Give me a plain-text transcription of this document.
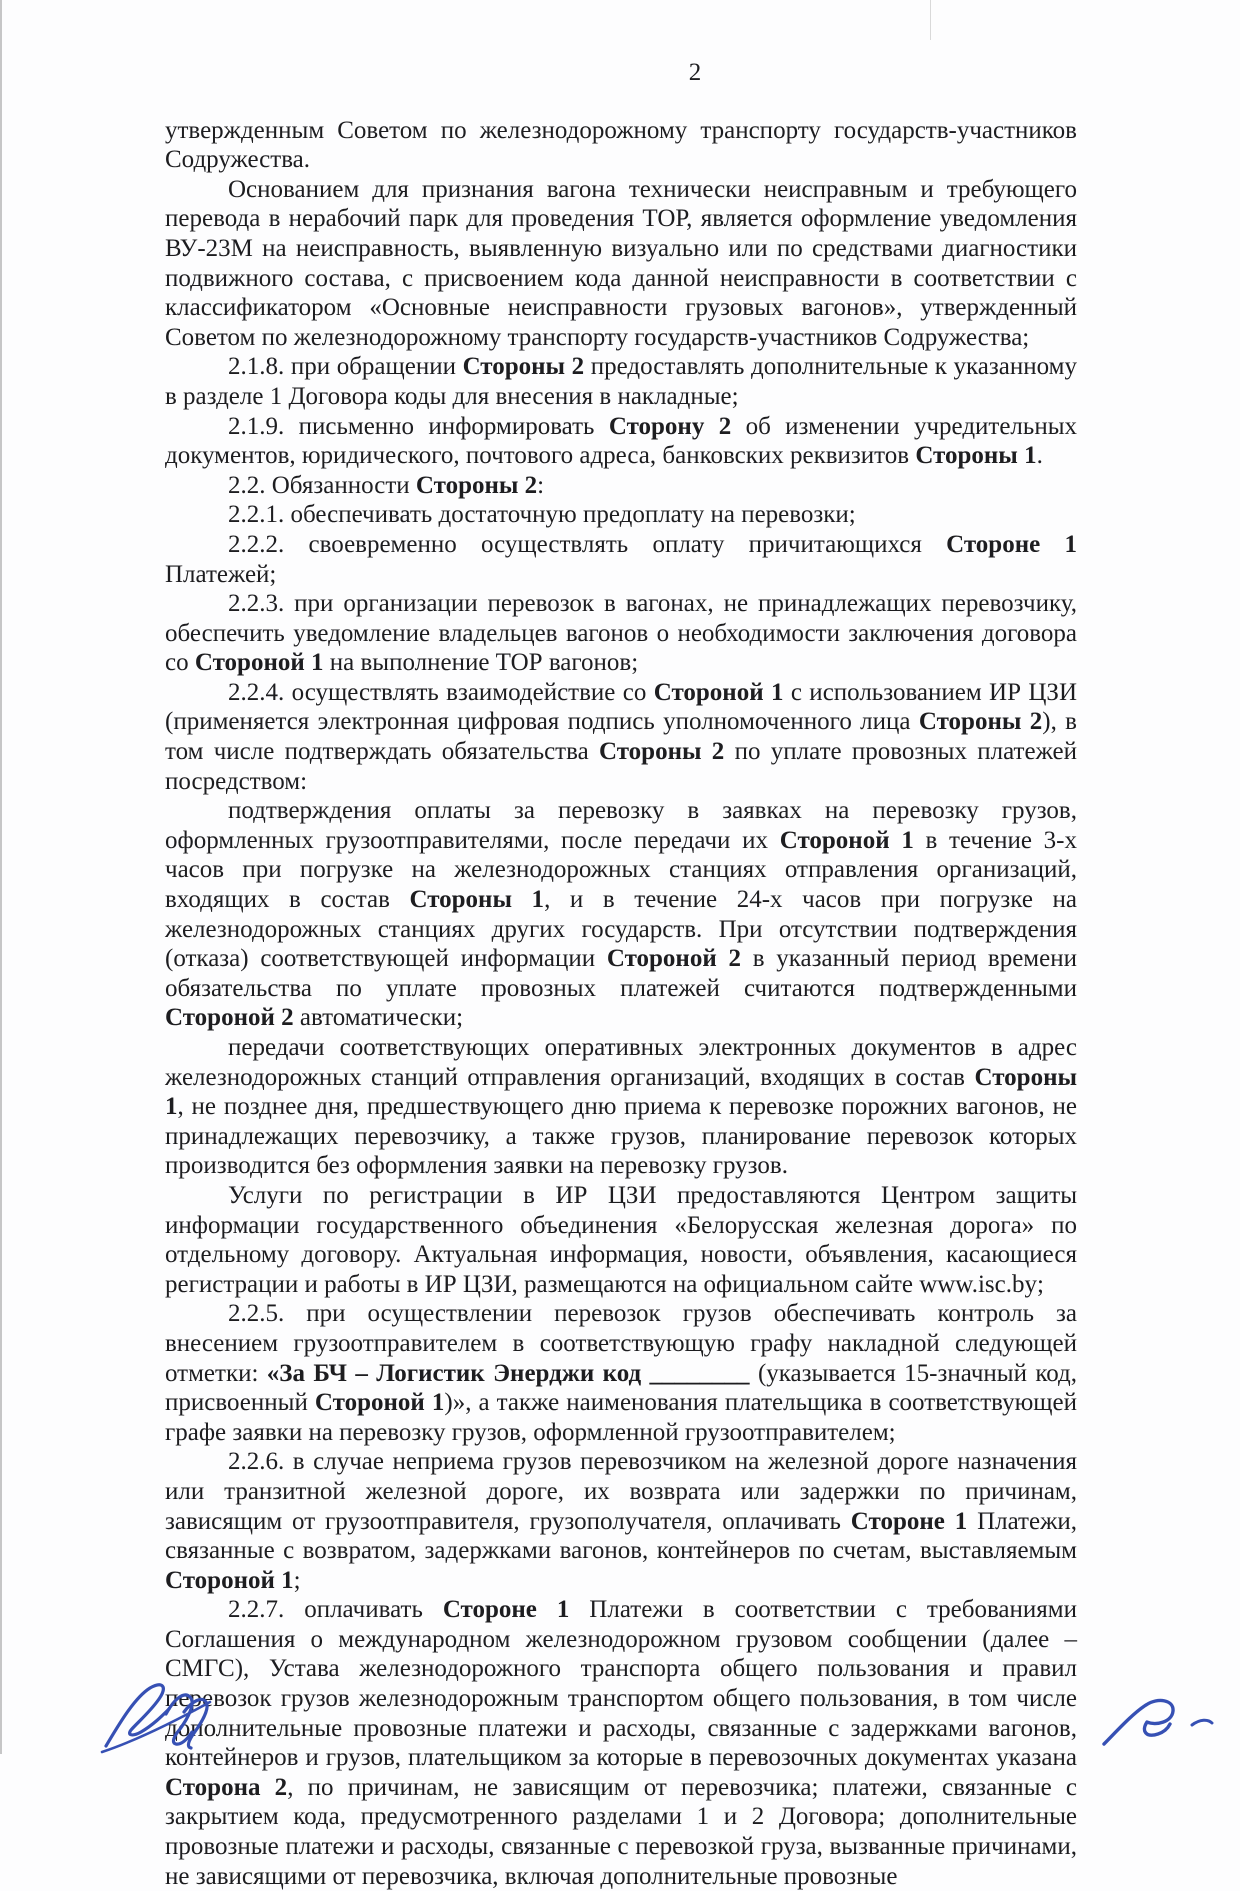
2
утвержденным Советом по железнодорожному транспорту государств-участников
Содружества.
Основанием для признания вагона технически неисправным и требующего перевода в нерабочий парк для проведения ТОР, является оформление уведомления ВУ-23М на неисправность, выявленную визуально или по средствами диагностики подвижного состава, с присвоением кода данной неисправности в соответствии с классификатором «Основные неисправности грузовых вагонов», утвержденный Советом по железнодорожному транспорту государств-участников Содружества;
2.1.8. при обращении Стороны 2 предоставлять дополнительные к указанному в разделе 1 Договора коды для внесения в накладные;
2.1.9. письменно информировать Сторону 2 об изменении учредительных документов, юридического, почтового адреса, банковских реквизитов Стороны 1.
2.2. Обязанности Стороны 2:
2.2.1. обеспечивать достаточную предоплату на перевозки;
2.2.2. своевременно осуществлять оплату причитающихся Стороне 1 Платежей;
2.2.3. при организации перевозок в вагонах, не принадлежащих перевозчику, обеспечить уведомление владельцев вагонов о необходимости заключения договора со Стороной 1 на выполнение ТОР вагонов;
2.2.4. осуществлять взаимодействие со Стороной 1 с использованием ИР ЦЗИ (применяется электронная цифровая подпись уполномоченного лица Стороны 2), в том числе подтверждать обязательства Стороны 2 по уплате провозных платежей посредством:
подтверждения оплаты за перевозку в заявках на перевозку грузов, оформленных грузоотправителями, после передачи их Стороной 1 в течение 3-х часов при погрузке на железнодорожных станциях отправления организаций, входящих в состав Стороны 1, и в течение 24-х часов при погрузке на железнодорожных станциях других государств. При отсутствии подтверждения (отказа) соответствующей информации Стороной 2 в указанный период времени обязательства по уплате провозных платежей считаются подтвержденными Стороной 2 автоматически;
передачи соответствующих оперативных электронных документов в адрес железнодорожных станций отправления организаций, входящих в состав Стороны 1, не позднее дня, предшествующего дню приема к перевозке порожних вагонов, не принадлежащих перевозчику, а также грузов, планирование перевозок которых производится без оформления заявки на перевозку грузов.
Услуги по регистрации в ИР ЦЗИ предоставляются Центром защиты информации государственного объединения «Белорусская железная дорога» по отдельному договору. Актуальная информация, новости, объявления, касающиеся регистрации и работы в ИР ЦЗИ, размещаются на официальном сайте www.isc.by;
2.2.5. при осуществлении перевозок грузов обеспечивать контроль за внесением грузоотправителем в соответствующую графу накладной следующей отметки: «За БЧ – Логистик Энерджи код ________ (указывается 15-значный код, присвоенный Стороной 1)», а также наименования плательщика в соответствующей графе заявки на перевозку грузов, оформленной грузоотправителем;
2.2.6. в случае неприема грузов перевозчиком на железной дороге назначения или транзитной железной дороге, их возврата или задержки по причинам, зависящим от грузоотправителя, грузополучателя, оплачивать Стороне 1 Платежи, связанные с возвратом, задержками вагонов, контейнеров по счетам, выставляемым Стороной 1;
2.2.7. оплачивать Стороне 1 Платежи в соответствии с требованиями Соглашения о международном железнодорожном грузовом сообщении (далее – СМГС), Устава железнодорожного транспорта общего пользования и правил перевозок грузов железнодорожным транспортом общего пользования, в том числе дополнительные провозные платежи и расходы, связанные с задержками вагонов, контейнеров и грузов, плательщиком за которые в перевозочных документах указана Сторона 2, по причинам, не зависящим от перевозчика; платежи, связанные с закрытием кода, предусмотренного разделами 1 и 2 Договора; дополнительные провозные платежи и расходы, связанные с перевозкой груза, вызванные причинами, не зависящими от перевозчика, включая дополнительные провозные
